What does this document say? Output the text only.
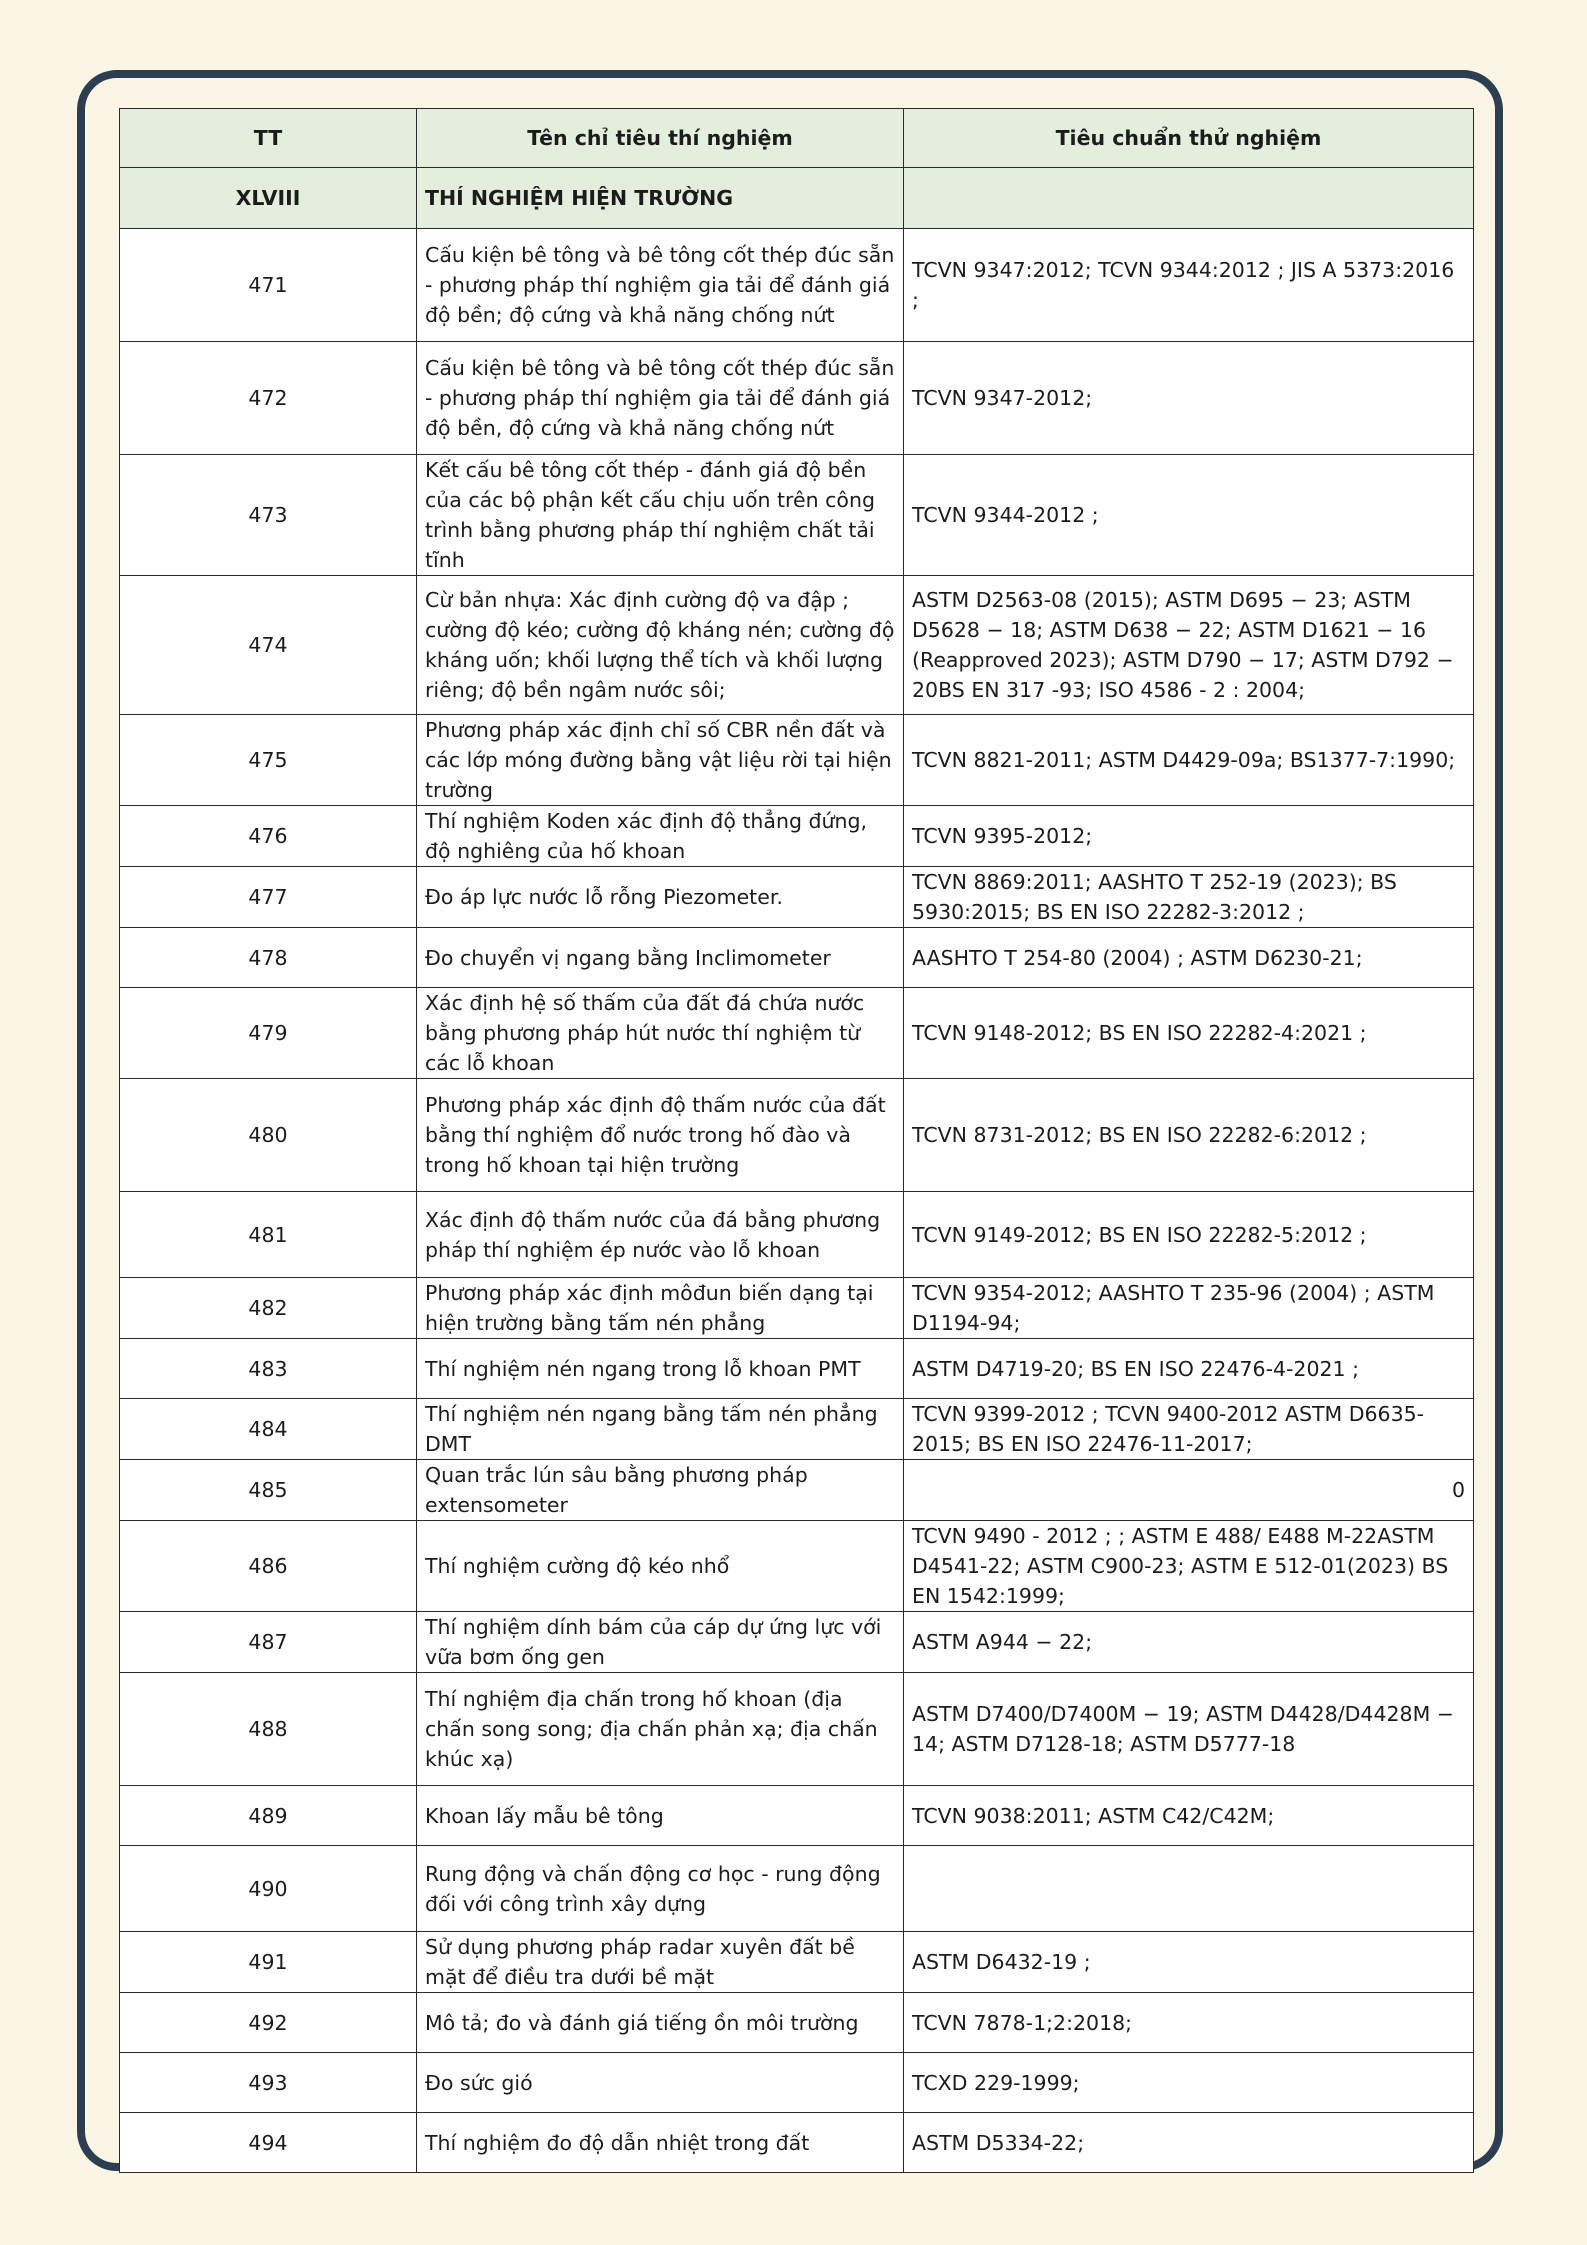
TT	Tên chỉ tiêu thí nghiệm	Tiêu chuẩn thử nghiệm
XLVIII	THÍ NGHIỆM HIỆN TRƯỜNG	
471	Cấu kiện bê tông và bê tông cốt thép đúc sẵn - phương pháp thí nghiệm gia tải để đánh giá độ bền; độ cứng và khả năng chống nứt	TCVN 9347:2012; TCVN 9344:2012 ; JIS A 5373:2016 ;
472	Cấu kiện bê tông và bê tông cốt thép đúc sẵn - phương pháp thí nghiệm gia tải để đánh giá độ bền, độ cứng và khả năng chống nứt	TCVN 9347-2012;
473	Kết cấu bê tông cốt thép - đánh giá độ bền của các bộ phận kết cấu chịu uốn trên công trình bằng phương pháp thí nghiệm chất tải tĩnh	TCVN 9344-2012 ;
474	Cừ bản nhựa: Xác định cường độ va đập ; cường độ kéo; cường độ kháng nén; cường độ kháng uốn; khối lượng thể tích và khối lượng riêng; độ bền ngâm nước sôi;	ASTM D2563-08 (2015); ASTM D695 − 23; ASTM D5628 − 18; ASTM D638 − 22; ASTM D1621 − 16 (Reapproved 2023); ASTM D790 − 17; ASTM D792 − 20BS EN 317 -93; ISO 4586 - 2 : 2004;
475	Phương pháp xác định chỉ số CBR nền đất và các lớp móng đường bằng vật liệu rời tại hiện trường	TCVN 8821-2011; ASTM D4429-09a; BS1377-7:1990;
476	Thí nghiệm Koden xác định độ thẳng đứng, độ nghiêng của hố khoan	TCVN 9395-2012;
477	Đo áp lực nước lỗ rỗng Piezometer.	TCVN 8869:2011; AASHTO T 252-19 (2023); BS 5930:2015; BS EN ISO 22282-3:2012 ;
478	Đo chuyển vị ngang bằng Inclimometer	AASHTO T 254-80 (2004) ; ASTM D6230-21;
479	Xác định hệ số thấm của đất đá chứa nước bằng phương pháp hút nước thí nghiệm từ các lỗ khoan	TCVN 9148-2012; BS EN ISO 22282-4:2021 ;
480	Phương pháp xác định độ thấm nước của đất bằng thí nghiệm đổ nước trong hố đào và trong hố khoan tại hiện trường	TCVN 8731-2012; BS EN ISO 22282-6:2012 ;
481	Xác định độ thấm nước của đá bằng phương pháp thí nghiệm ép nước vào lỗ khoan	TCVN 9149-2012; BS EN ISO 22282-5:2012 ;
482	Phương pháp xác định môđun biến dạng tại hiện trường bằng tấm nén phẳng	TCVN 9354-2012; AASHTO T 235-96 (2004) ; ASTM D1194-94;
483	Thí nghiệm nén ngang trong lỗ khoan PMT	ASTM D4719-20; BS EN ISO 22476-4-2021 ;
484	Thí nghiệm nén ngang bằng tấm nén phẳng DMT	TCVN 9399-2012 ; TCVN 9400-2012 ASTM D6635-2015; BS EN ISO 22476-11-2017;
485	Quan trắc lún sâu bằng phương pháp extensometer	0
486	Thí nghiệm cường độ kéo nhổ	TCVN 9490 - 2012 ; ; ASTM E 488/ E488 M-22ASTM D4541-22; ASTM C900-23; ASTM E 512-01(2023) BS EN 1542:1999;
487	Thí nghiệm dính bám của cáp dự ứng lực với vữa bơm ống gen	ASTM A944 − 22;
488	Thí nghiệm địa chấn trong hố khoan (địa chấn song song; địa chấn phản xạ; địa chấn khúc xạ)	ASTM D7400/D7400M − 19; ASTM D4428/D4428M − 14; ASTM D7128-18; ASTM D5777-18
489	Khoan lấy mẫu bê tông	TCVN 9038:2011; ASTM C42/C42M;
490	Rung động và chấn động cơ học - rung động đối với công trình xây dựng	
491	Sử dụng phương pháp radar xuyên đất bề mặt để điều tra dưới bề mặt	ASTM D6432-19 ;
492	Mô tả; đo và đánh giá tiếng ồn môi trường	TCVN 7878-1;2:2018;
493	Đo sức gió	TCXD 229-1999;
494	Thí nghiệm đo độ dẫn nhiệt trong đất	ASTM D5334-22;
